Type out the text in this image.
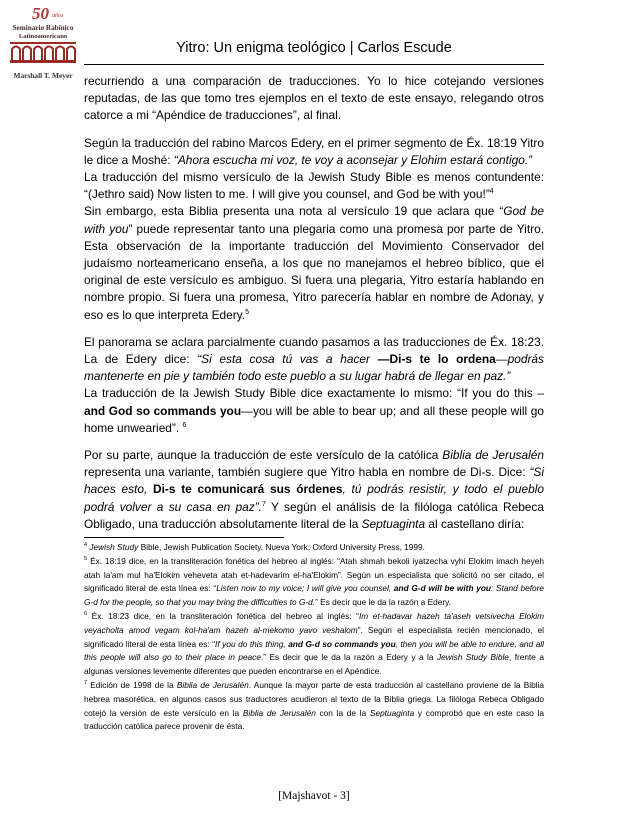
50 años
Seminario Rabínico
Latinoamericano
Marshall T. Meyer
Yitro: Un enigma teológico | Carlos Escude

recurriendo a una comparación de traducciones. Yo lo hice cotejando versiones reputadas, de las que tomo tres ejemplos en el texto de este ensayo, relegando otros catorce a mi “Apéndice de traducciones”, al final.

Según la traducción del rabino Marcos Edery, en el primer segmento de Éx. 18:19 Yitro le dice a Moshé: “Ahora escucha mi voz, te voy a aconsejar y Elohim estará contigo.”

La traducción del mismo versículo de la Jewish Study Bible es menos contundente: “(Jethro said) Now listen to me. I will give you counsel, and God be with you!”$^4$

Sin embargo, esta Biblia presenta una nota al versículo 19 que aclara que “God be with you” puede representar tanto una plegaria como una promesa por parte de Yitro. Esta observación de la importante traducción del Movimiento Conservador del judaísmo norteamericano enseña, a los que no manejamos el hebreo bíblico, que el original de este versículo es ambiguo. Si fuera una plegaria, Yitro estaría hablando en nombre propio. Si fuera una promesa, Yitro parecería hablar en nombre de Adonay, y eso es lo que interpreta Edery.$^5$

El panorama se aclara parcialmente cuando pasamos a las traducciones de Éx. 18:23. La de Edery dice: “Si esta cosa tú vas a hacer —Di-s te lo ordena—podrás mantenerte en pie y también todo este pueblo a su lugar habrá de llegar en paz.”

La traducción de la Jewish Study Bible dice exactamente lo mismo: “If you do this – and God so commands you—you will be able to bear up; and all these people will go home unwearied”. $^6$

Por su parte, aunque la traducción de este versículo de la católica Biblia de Jerusalén representa una variante, también sugiere que Yitro habla en nombre de Di-s. Dice: “Si haces esto, Di-s te comunicará sus órdenes, tú podrás resistir, y todo el pueblo podrá volver a su casa en paz”.$^7$ Y según el análisis de la filóloga católica Rebeca Obligado, una traducción absolutamente literal de la Septuaginta al castellano diría:

$^4$ Jewish Study Bible, Jewish Publication Society, Nueva York: Oxford University Press, 1999.

$^5$ Éx. 18:19 dice, en la transliteración fonética del hebreo al inglés: “Atah shmah bekoli iyatzecha vyhi Elokim imach heyeh atah la'am mul ha'Elokim veheveta atah et-hadevarim el-ha'Elokim”. Según un especialista que solicitó no ser citado, el significado literal de esta línea es: “Listen now to my voice; I will give you counsel, and G-d will be with you: Stand before G-d for the people, so that you may bring the difficulties to G-d.” Es decir que le da la razón a Edery.

$^6$ Éx. 18:23 dice, en la transliteración fonética del hebreo al inglés: “Im et-hadavar hazeh ta'aseh vetsivecha Elokim veyacholta amod vegam kol-ha'am hazeh al-mekomo yavo veshalom”. Según el especialista recién mencionado, el significado literal de esta línea es: “If you do this thing, and G-d so commands you, then you will be able to endure, and all this people will also go to their place in peace.” Es decir que le da la razón a Edery y a la Jewish Study Bible, frente a algunas versiones levemente diferentes que pueden encontrarse en el Apéndice.

$^7$ Edición de 1998 de la Biblia de Jerusalén. Aunque la mayor parte de esta traducción al castellano proviene de la Biblia hebrea masorética, en algunos casos sus traductores acudieron al texto de la Biblia griega. La filóloga Rebeca Obligado cotejó la versión de este versículo en la Biblia de Jerusalén con la de la Septuaginta y comprobó que en este caso la traducción católica parece provenir de ésta.

[Majshavot - 3]
